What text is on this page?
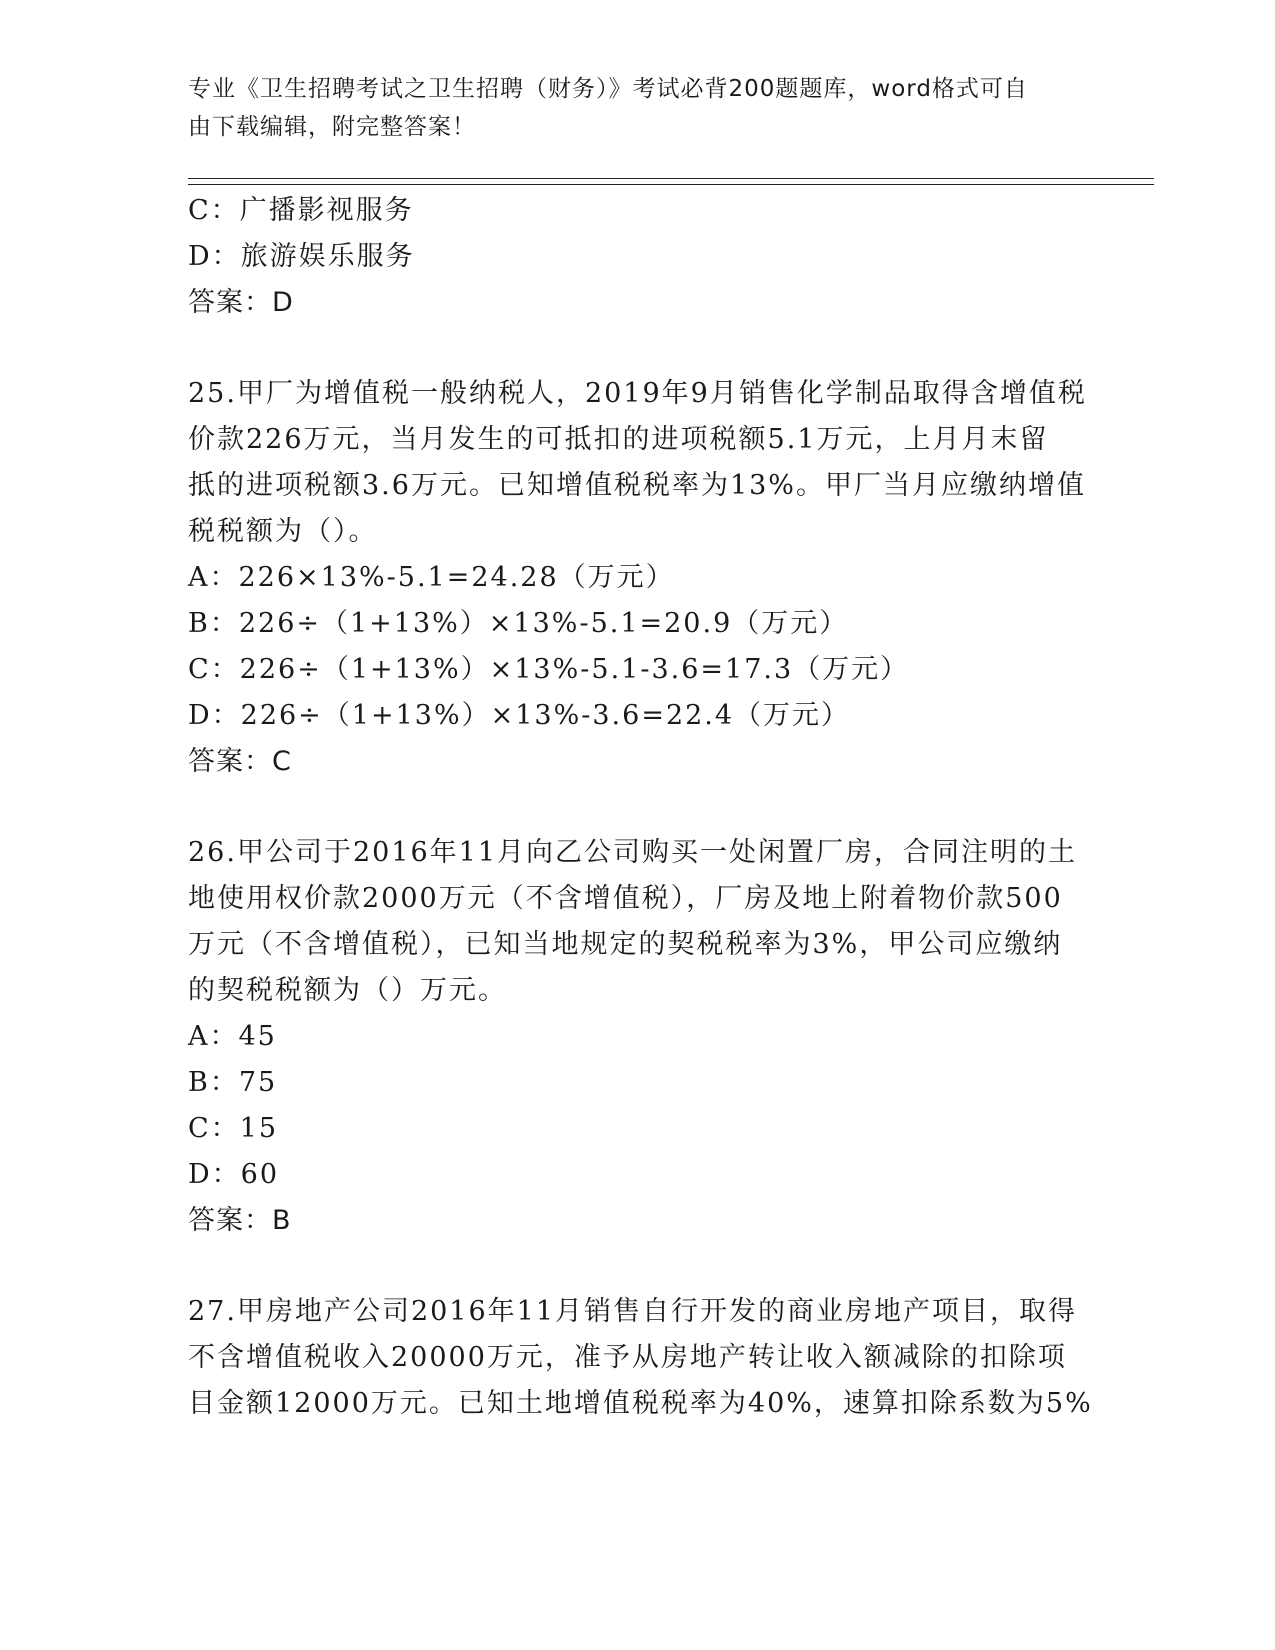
专业《卫生招聘考试之卫生招聘（财务）》考试必背200题题库，word格式可自
由下载编辑，附完整答案！
C：广播影视服务
D：旅游娱乐服务
答案：D
25.甲厂为增值税一般纳税人，2019年9月销售化学制品取得含增值税
价款226万元，当月发生的可抵扣的进项税额5.1万元，上月月末留
抵的进项税额3.6万元。已知增值税税率为13%。甲厂当月应缴纳增值
税税额为（）。
A：226×13%-5.1=24.28（万元）
B：226÷（1+13%）×13%-5.1=20.9（万元）
C：226÷（1+13%）×13%-5.1-3.6=17.3（万元）
D：226÷（1+13%）×13%-3.6=22.4（万元）
答案：C
26.甲公司于2016年11月向乙公司购买一处闲置厂房，合同注明的土
地使用权价款2000万元（不含增值税），厂房及地上附着物价款500
万元（不含增值税），已知当地规定的契税税率为3%，甲公司应缴纳
的契税税额为（）万元。
A：45
B：75
C：15
D：60
答案：B
27.甲房地产公司2016年11月销售自行开发的商业房地产项目，取得
不含增值税收入20000万元，准予从房地产转让收入额减除的扣除项
目金额12000万元。已知土地增值税税率为40%，速算扣除系数为5%
